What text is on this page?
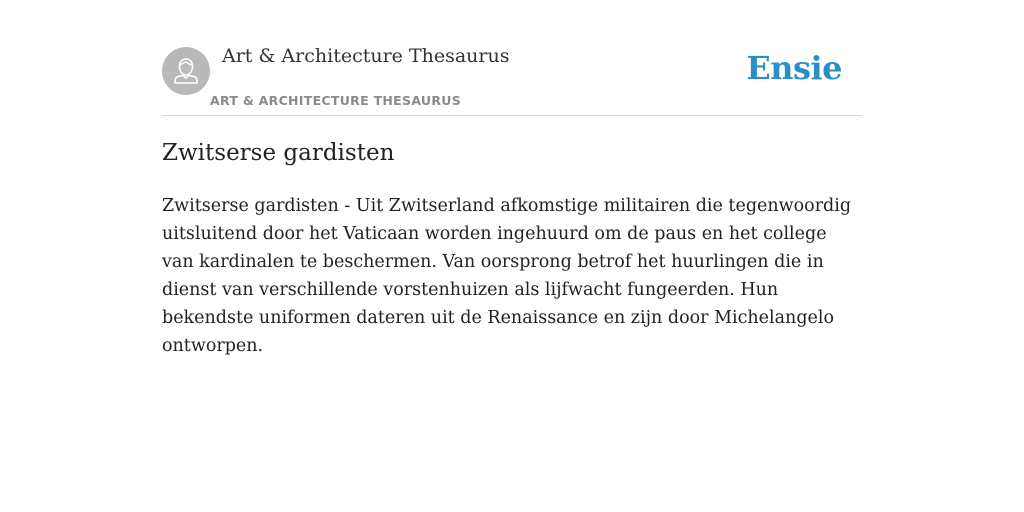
Art & Architecture Thesaurus
ART & ARCHITECTURE THESAURUS
Ensie
Zwitserse gardisten

Zwitserse gardisten - Uit Zwitserland afkomstige militairen die tegenwoordig uitsluitend door het Vaticaan worden ingehuurd om de paus en het college van kardinalen te beschermen. Van oorsprong betrof het huurlingen die in dienst van verschillende vorstenhuizen als lijfwacht fungeerden. Hun bekendste uniformen dateren uit de Renaissance en zijn door Michelangelo ontworpen.
